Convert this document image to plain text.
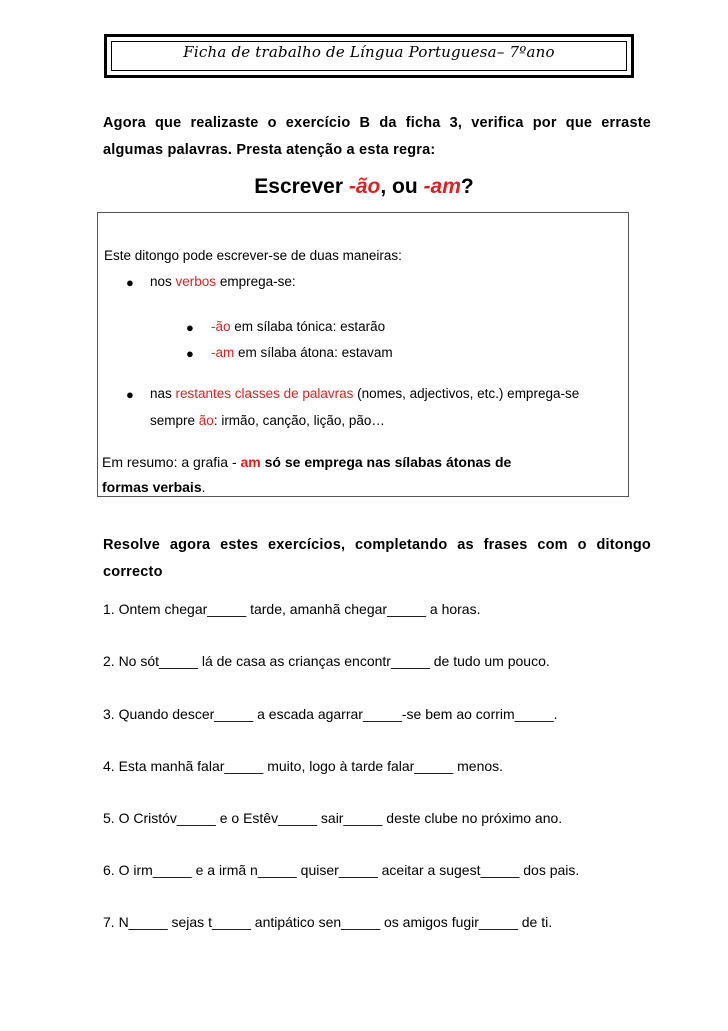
Ficha de trabalho de Língua Portuguesa– 7ºano
Agora que realizaste o exercício B da ficha 3, verifica por que erraste algumas palavras. Presta atenção a esta regra:
Escrever -ão, ou -am?
Este ditongo pode escrever-se de duas maneiras:
● nos verbos emprega-se:
● -ão em sílaba tónica: estarão
● -am em sílaba átona: estavam
● nas restantes classes de palavras (nomes, adjectivos, etc.) emprega-se
sempre ão: irmão, canção, lição, pão…
Em resumo: a grafia - am só se emprega nas sílabas átonas de
formas verbais.
Resolve agora estes exercícios, completando as frases com o ditongo correcto
1. Ontem chegar_____ tarde, amanhã chegar_____ a horas.
2. No sót_____ lá de casa as crianças encontr_____ de tudo um pouco.
3. Quando descer_____ a escada agarrar_____-se bem ao corrim_____.
4. Esta manhã falar_____ muito, logo à tarde falar_____ menos.
5. O Cristóv_____ e o Estêv_____ sair_____ deste clube no próximo ano.
6. O irm_____ e a irmã n_____ quiser_____ aceitar a sugest_____ dos pais.
7. N_____ sejas t_____ antipático sen_____ os amigos fugir_____ de ti.
